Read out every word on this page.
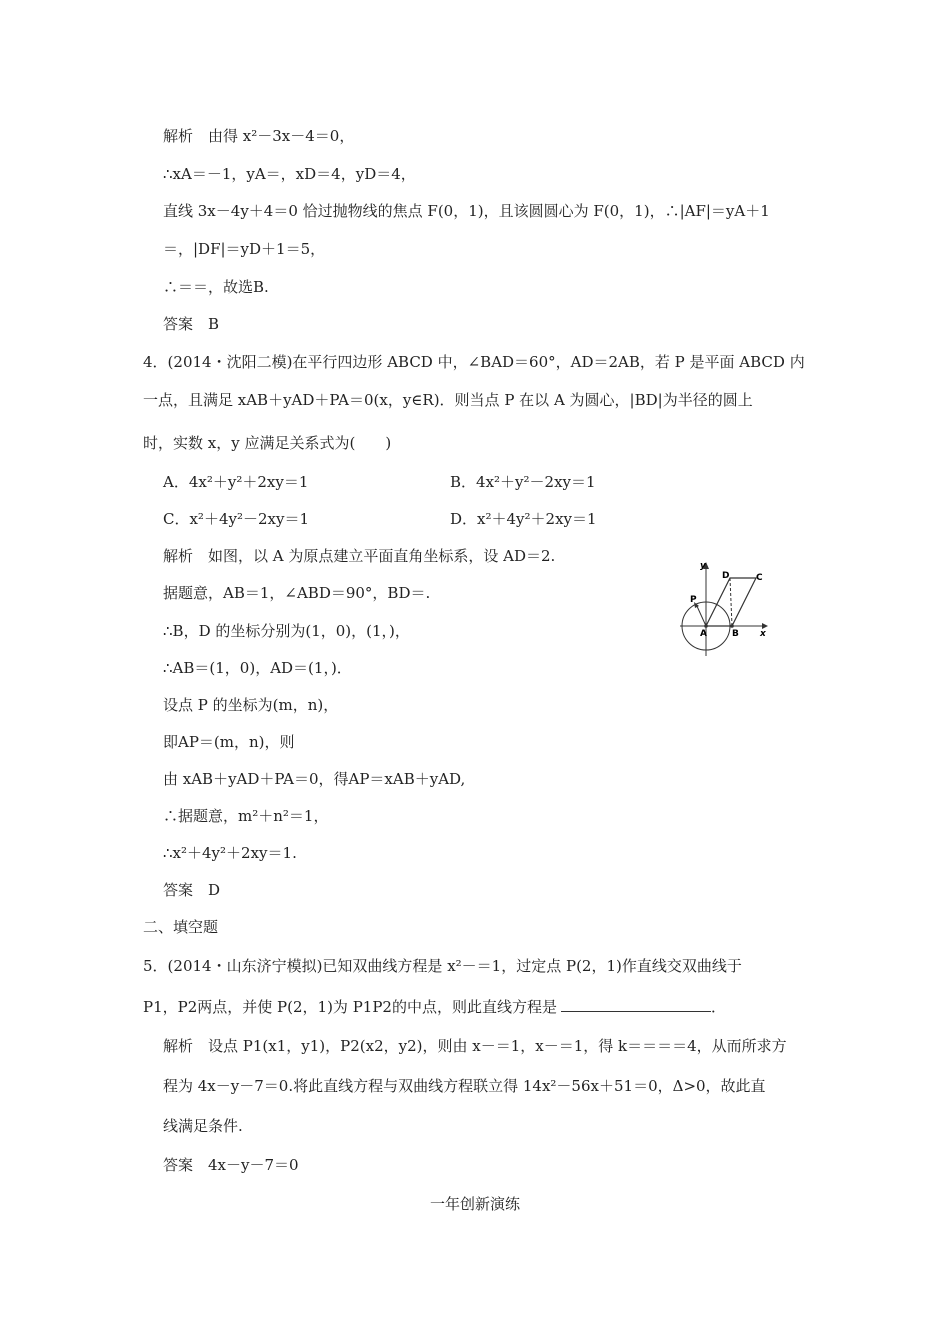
解析　由得 x²－3x－4＝0，
∴xA＝－1，yA＝，xD＝4，yD＝4，
直线 3x－4y＋4＝0 恰过抛物线的焦点 F(0，1)，且该圆圆心为 F(0，1)，∴|AF|＝yA＋1
＝，|DF|＝yD＋1＝5，
∴＝＝，故选B.
答案　B
4．(2014・沈阳二模)在平行四边形 ABCD 中，∠BAD＝60°，AD＝2AB，若 P 是平面 ABCD 内
一点，且满足 xAB＋yAD＋PA＝0(x，y∈R)．则当点 P 在以 A 为圆心，|BD|为半径的圆上
时，实数 x，y 应满足关系式为(　　)
A．4x²＋y²＋2xy＝1	B．4x²＋y²－2xy＝1
C．x²＋4y²－2xy＝1	D．x²＋4y²＋2xy＝1
解析　如图，以 A 为原点建立平面直角坐标系，设 AD＝2.
据题意，AB＝1，∠ABD＝90°，BD＝.
∴B，D 的坐标分别为(1，0)，(1，)，
∴AB＝(1，0)，AD＝(1，)．
设点 P 的坐标为(m，n)，
即AP＝(m，n)，则
由 xAB＋yAD＋PA＝0，得AP＝xAB＋yAD,
∴据题意，m²＋n²＝1，
∴x²＋4y²＋2xy＝1.
答案　D
二、填空题
5．(2014・山东济宁模拟)已知双曲线方程是 x²－＝1，过定点 P(2，1)作直线交双曲线于
P1，P2两点，并使 P(2，1)为 P1P2的中点，则此直线方程是	．
解析　设点 P1(x1，y1)，P2(x2，y2)，则由 x－＝1，x－＝1，得 k＝＝＝＝4，从而所求方
程为 4x－y－7＝0.将此直线方程与双曲线方程联立得 14x²－56x＋51＝0，Δ>0，故此直
线满足条件.
答案　4x－y－7＝0
一年创新演练
y
x
P
A	B
C
D
